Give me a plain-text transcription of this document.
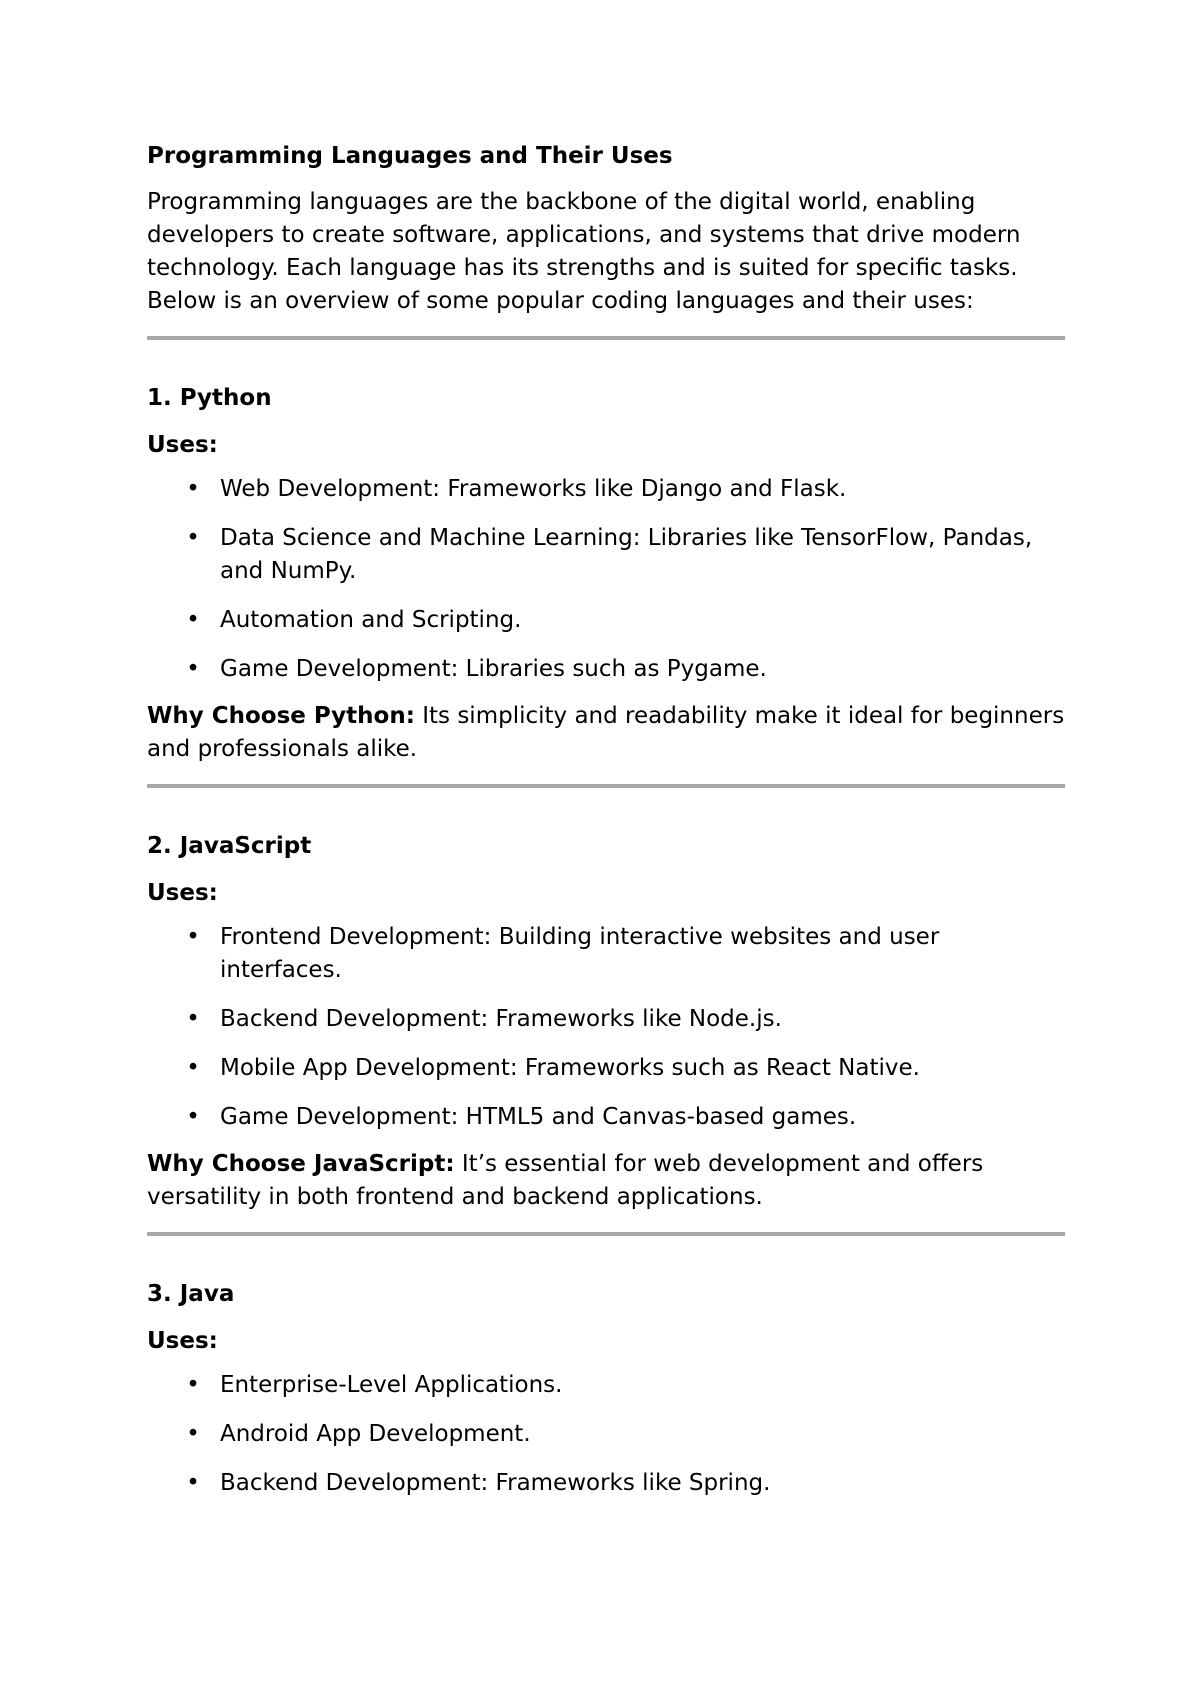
Programming Languages and Their Uses

Programming languages are the backbone of the digital world, enabling developers to create software, applications, and systems that drive modern technology. Each language has its strengths and is suited for specific tasks. Below is an overview of some popular coding languages and their uses:

1. Python
Uses:
• Web Development: Frameworks like Django and Flask.
• Data Science and Machine Learning: Libraries like TensorFlow, Pandas, and NumPy.
• Automation and Scripting.
• Game Development: Libraries such as Pygame.

Why Choose Python: Its simplicity and readability make it ideal for beginners and professionals alike.

2. JavaScript
Uses:
• Frontend Development: Building interactive websites and user interfaces.
• Backend Development: Frameworks like Node.js.
• Mobile App Development: Frameworks such as React Native.
• Game Development: HTML5 and Canvas-based games.

Why Choose JavaScript: It’s essential for web development and offers versatility in both frontend and backend applications.

3. Java
Uses:
• Enterprise-Level Applications.
• Android App Development.
• Backend Development: Frameworks like Spring.
